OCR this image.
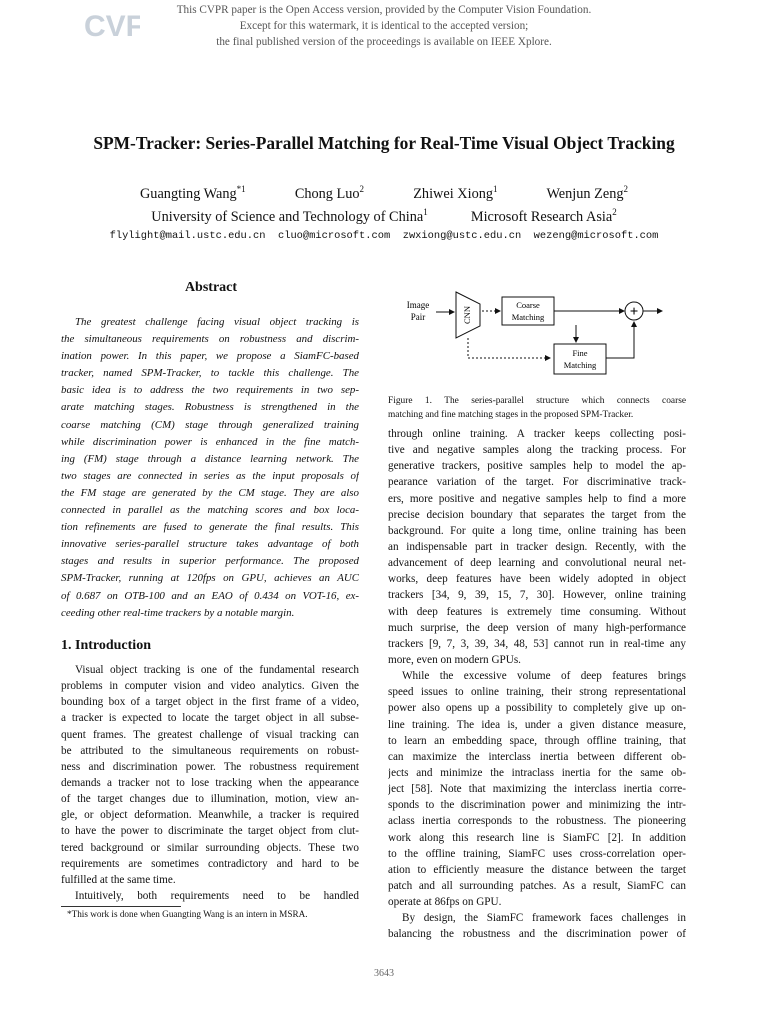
CVF	This CVPR paper is the Open Access version, provided by the Computer Vision Foundation.
Except for this watermark, it is identical to the accepted version;
the final published version of the proceedings is available on IEEE Xplore.
SPM-Tracker: Series-Parallel Matching for Real-Time Visual Object Tracking
Guangting Wang$^{*1}$	Chong Luo$^2$	Zhiwei Xiong$^1$	Wenjun Zeng$^2$
University of Science and Technology of China$^1$	Microsoft Research Asia$^2$
flylight@mail.ustc.edu.cn cluo@microsoft.com zwxiong@ustc.edu.cn wezeng@microsoft.com
Abstract
The greatest challenge facing visual object tracking is
the simultaneous requirements on robustness and discrim-
ination power. In this paper, we propose a SiamFC-based
tracker, named SPM-Tracker, to tackle this challenge. The
basic idea is to address the two requirements in two sep-
arate matching stages. Robustness is strengthened in the
coarse matching (CM) stage through generalized training
while discrimination power is enhanced in the fine match-
ing (FM) stage through a distance learning network. The
two stages are connected in series as the input proposals of
the FM stage are generated by the CM stage. They are also
connected in parallel as the matching scores and box loca-
tion refinements are fused to generate the final results. This
innovative series-parallel structure takes advantage of both
stages and results in superior performance. The proposed
SPM-Tracker, running at 120fps on GPU, achieves an AUC
of 0.687 on OTB-100 and an EAO of 0.434 on VOT-16, ex-
ceeding other real-time trackers by a notable margin.
1. Introduction
Visual object tracking is one of the fundamental research
problems in computer vision and video analytics. Given the
bounding box of a target object in the first frame of a video,
a tracker is expected to locate the target object in all subse-
quent frames. The greatest challenge of visual tracking can
be attributed to the simultaneous requirements on robust-
ness and discrimination power. The robustness requirement
demands a tracker not to lose tracking when the appearance
of the target changes due to illumination, motion, view an-
gle, or object deformation. Meanwhile, a tracker is required
to have the power to discriminate the target object from clut-
tered background or similar surrounding objects. These two
requirements are sometimes contradictory and hard to be
fulfilled at the same time.
Intuitively, both requirements need to be handled
*This work is done when Guangting Wang is an intern in MSRA.
Image
Pair	CNN
Coarse
Matching	+
Fine
Matching
Figure 1. The series-parallel structure which connects coarse
matching and fine matching stages in the proposed SPM-Tracker.
through online training. A tracker keeps collecting posi-
tive and negative samples along the tracking process. For
generative trackers, positive samples help to model the ap-
pearance variation of the target. For discriminative track-
ers, more positive and negative samples help to find a more
precise decision boundary that separates the target from the
background. For quite a long time, online training has been
an indispensable part in tracker design. Recently, with the
advancement of deep learning and convolutional neural net-
works, deep features have been widely adopted in object
trackers [34, 9, 39, 15, 7, 30]. However, online training
with deep features is extremely time consuming. Without
much surprise, the deep version of many high-performance
trackers [9, 7, 3, 39, 34, 48, 53] cannot run in real-time any
more, even on modern GPUs.
While the excessive volume of deep features brings
speed issues to online training, their strong representational
power also opens up a possibility to completely give up on-
line training. The idea is, under a given distance measure,
to learn an embedding space, through offline training, that
can maximize the interclass inertia between different ob-
jects and minimize the intraclass inertia for the same ob-
ject [58]. Note that maximizing the interclass inertia corre-
sponds to the discrimination power and minimizing the intr-
aclass inertia corresponds to the robustness. The pioneering
work along this research line is SiamFC [2]. In addition
to the offline training, SiamFC uses cross-correlation oper-
ation to efficiently measure the distance between the target
patch and all surrounding patches. As a result, SiamFC can
operate at 86fps on GPU.
By design, the SiamFC framework faces challenges in
balancing the robustness and the discrimination power of
3643
